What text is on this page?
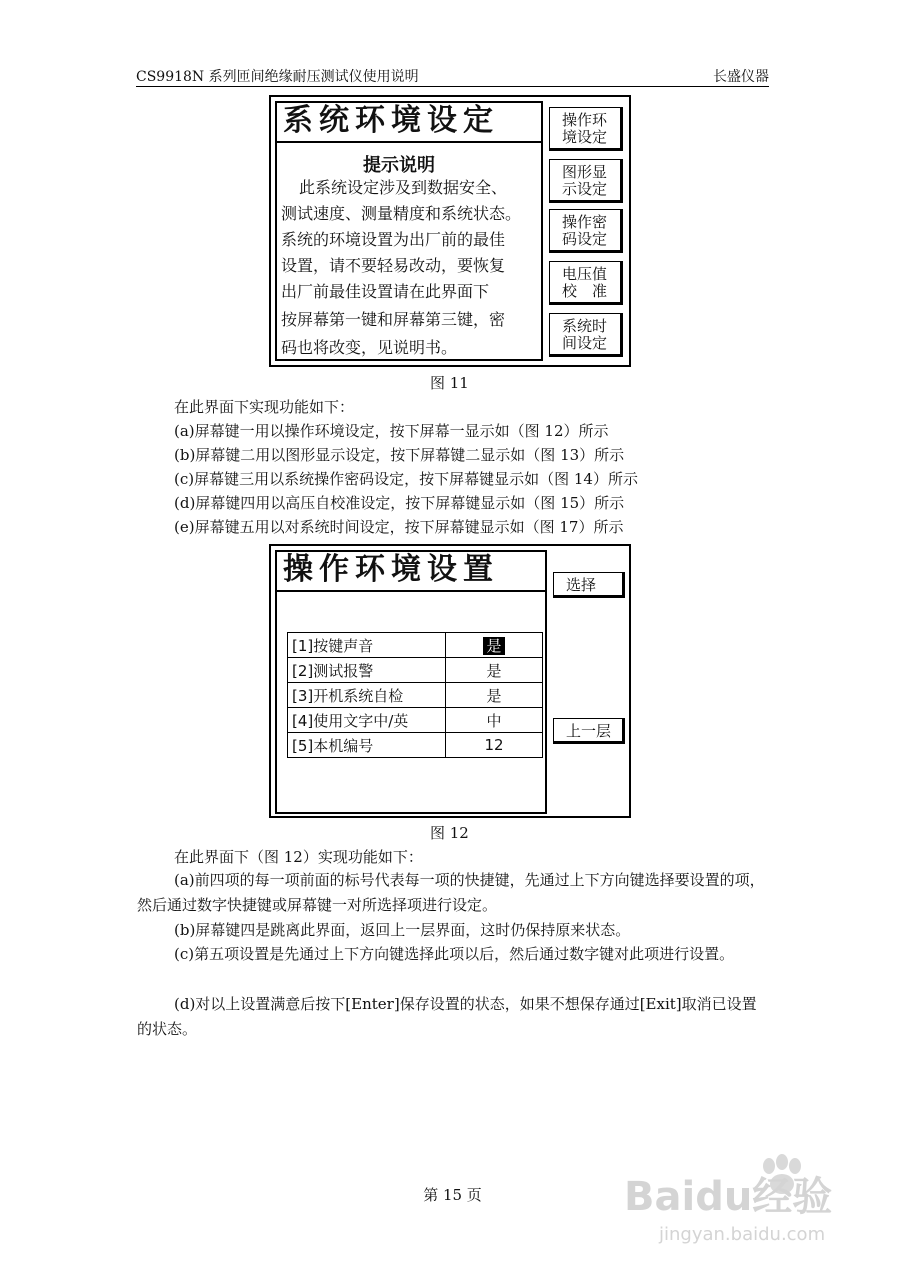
CS9918N 系列匝间绝缘耐压测试仪使用说明	长盛仪器
系统环境设定
提示说明
此系统设定涉及到数据安全、
测试速度、测量精度和系统状态。
系统的环境设置为出厂前的最佳
设置，请不要轻易改动，要恢复
出厂前最佳设置请在此界面下
按屏幕第一键和屏幕第三键，密
码也将改变，见说明书。
操作环
境设定
图形显
示设定
操作密
码设定
电压值
校　准
系统时
间设定
图 11
在此界面下实现功能如下：
(a)屏幕键一用以操作环境设定，按下屏幕一显示如（图 12）所示
(b)屏幕键二用以图形显示设定，按下屏幕键二显示如（图 13）所示
(c)屏幕键三用以系统操作密码设定，按下屏幕键显示如（图 14）所示
(d)屏幕键四用以高压自校准设定，按下屏幕键显示如（图 15）所示
(e)屏幕键五用以对系统时间设定，按下屏幕键显示如（图 17）所示
操作环境设置
[1]按键声音	是
[2]测试报警	是
[3]开机系统自检	是
[4]使用文字中/英	中
[5]本机编号	12
选择
上一层
图 12
在此界面下（图 12）实现功能如下：
(a)前四项的每一项前面的标号代表每一项的快捷键，先通过上下方向键选择要设置的项，然后通过数字快捷键或屏幕键一对所选择项进行设定。
(b)屏幕键四是跳离此界面，返回上一层界面，这时仍保持原来状态。
(c)第五项设置是先通过上下方向键选择此项以后，然后通过数字键对此项进行设置。
(d)对以上设置满意后按下[Enter]保存设置的状态，如果不想保存通过[Exit]取消已设置的状态。
第 15 页	Baidu经验
jingyan.baidu.com
